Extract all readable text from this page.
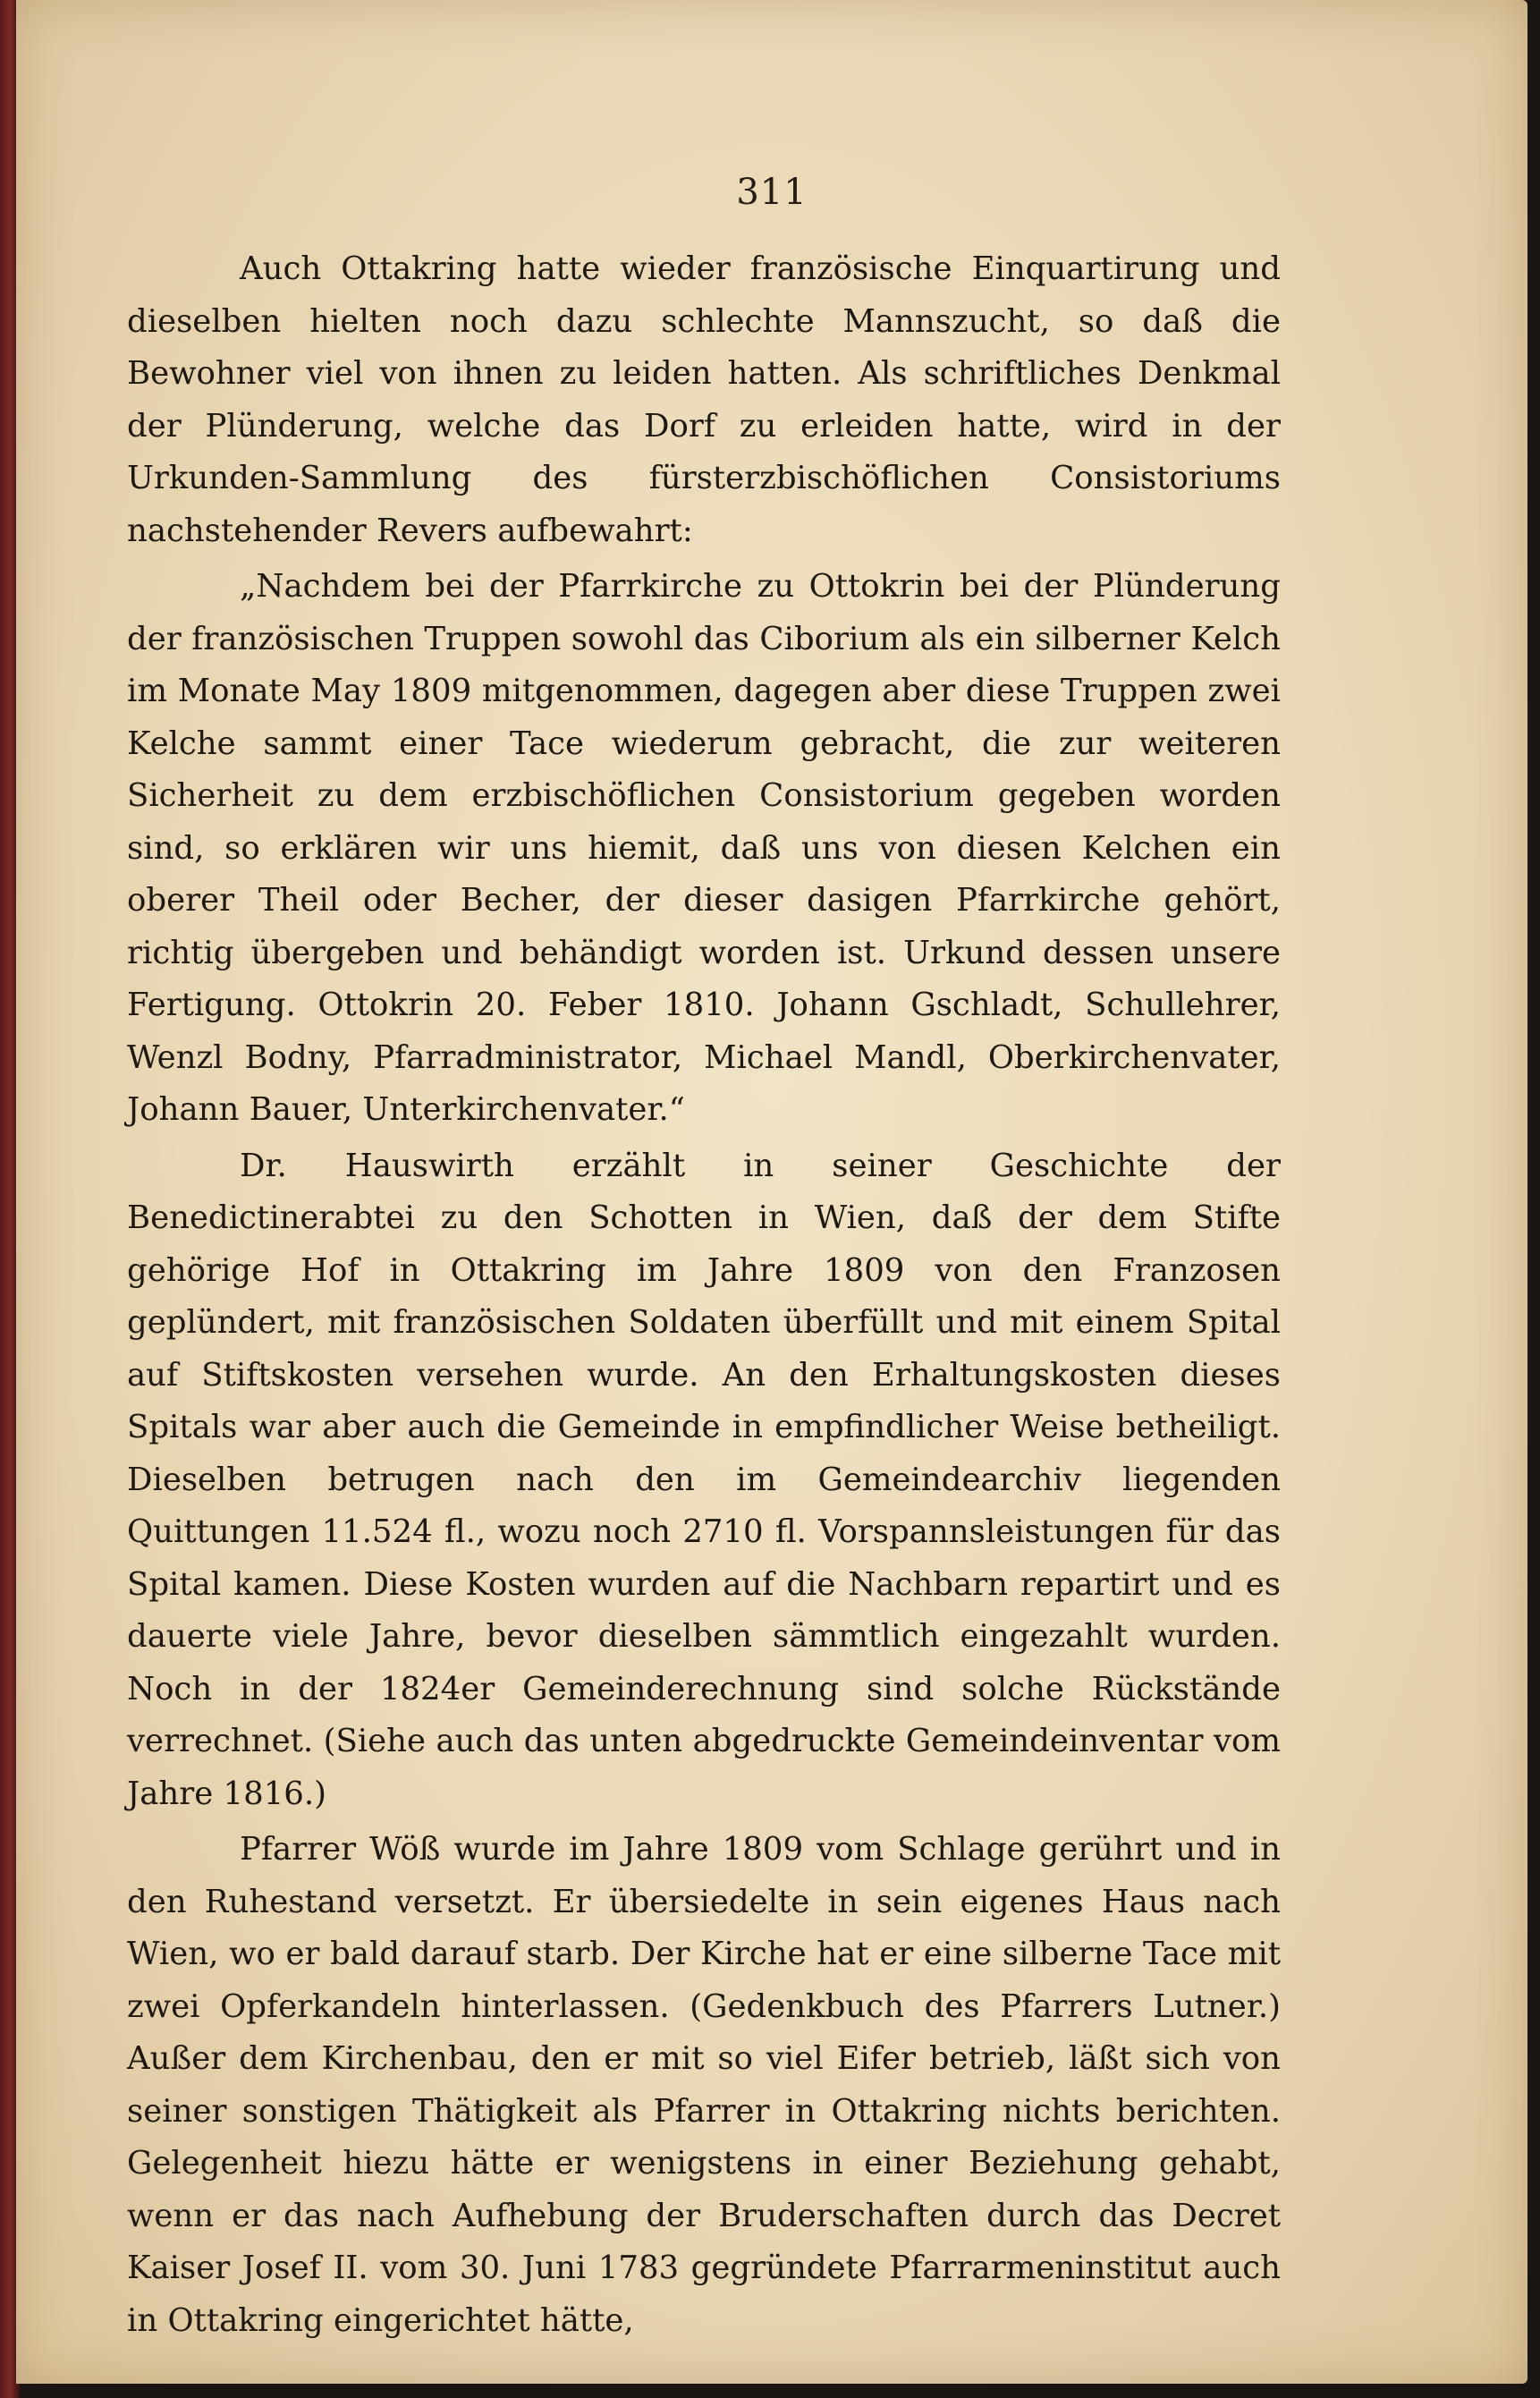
311

Auch Ottakring hatte wieder französische Einquartirung und dieselben hielten noch dazu schlechte Mannszucht, so daß die Bewohner viel von ihnen zu leiden hatten. Als schriftliches Denkmal der Plünderung, welche das Dorf zu erleiden hatte, wird in der Urkunden-Sammlung des fürsterzbischöflichen Consistoriums nachstehender Revers aufbewahrt:

„Nachdem bei der Pfarrkirche zu Ottokrin bei der Plünderung der französischen Truppen sowohl das Ciborium als ein silberner Kelch im Monate May 1809 mitgenommen, dagegen aber diese Truppen zwei Kelche sammt einer Tace wiederum gebracht, die zur weiteren Sicherheit zu dem erzbischöflichen Consistorium gegeben worden sind, so erklären wir uns hiemit, daß uns von diesen Kelchen ein oberer Theil oder Becher, der dieser dasigen Pfarrkirche gehört, richtig übergeben und behändigt worden ist. Urkund dessen unsere Fertigung. Ottokrin 20. Feber 1810. Johann Gschladt, Schullehrer, Wenzl Bodny, Pfarradministrator, Michael Mandl, Oberkirchenvater, Johann Bauer, Unterkirchenvater.“

Dr. Hauswirth erzählt in seiner Geschichte der Benedictinerabtei zu den Schotten in Wien, daß der dem Stifte gehörige Hof in Ottakring im Jahre 1809 von den Franzosen geplündert, mit französischen Soldaten überfüllt und mit einem Spital auf Stiftskosten versehen wurde. An den Erhaltungskosten dieses Spitals war aber auch die Gemeinde in empfindlicher Weise betheiligt. Dieselben betrugen nach den im Gemeindearchiv liegenden Quittungen 11.524 fl., wozu noch 2710 fl. Vorspannsleistungen für das Spital kamen. Diese Kosten wurden auf die Nachbarn repartirt und es dauerte viele Jahre, bevor dieselben sämmtlich eingezahlt wurden. Noch in der 1824er Gemeinderechnung sind solche Rückstände verrechnet. (Siehe auch das unten abgedruckte Gemeindeinventar vom Jahre 1816.)

Pfarrer Wöß wurde im Jahre 1809 vom Schlage gerührt und in den Ruhestand versetzt. Er übersiedelte in sein eigenes Haus nach Wien, wo er bald darauf starb. Der Kirche hat er eine silberne Tace mit zwei Opferkandeln hinterlassen. (Gedenkbuch des Pfarrers Lutner.) Außer dem Kirchenbau, den er mit so viel Eifer betrieb, läßt sich von seiner sonstigen Thätigkeit als Pfarrer in Ottakring nichts berichten. Gelegenheit hiezu hätte er wenigstens in einer Beziehung gehabt, wenn er das nach Aufhebung der Bruderschaften durch das Decret Kaiser Josef II. vom 30. Juni 1783 gegründete Pfarrarmeninstitut auch in Ottakring eingerichtet hätte,
